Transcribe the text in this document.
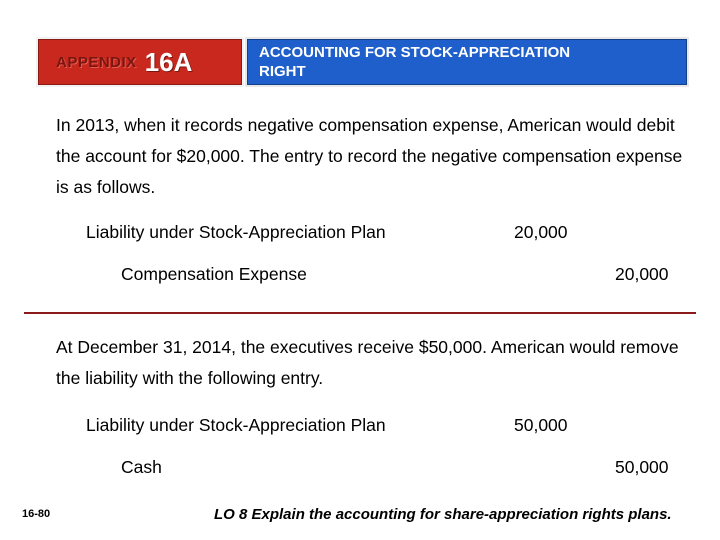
APPENDIX 16A	ACCOUNTING FOR STOCK-APPRECIATION
RIGHT
In 2013, when it records negative compensation expense, American would debit the account for $20,000. The entry to record the negative compensation expense is as follows.
Liability under Stock-Appreciation Plan	20,000
Compensation Expense	20,000
At December 31, 2014, the executives receive $50,000. American would remove the liability with the following entry.
Liability under Stock-Appreciation Plan	50,000
Cash	50,000
16-80	LO 8 Explain the accounting for share-appreciation rights plans.
